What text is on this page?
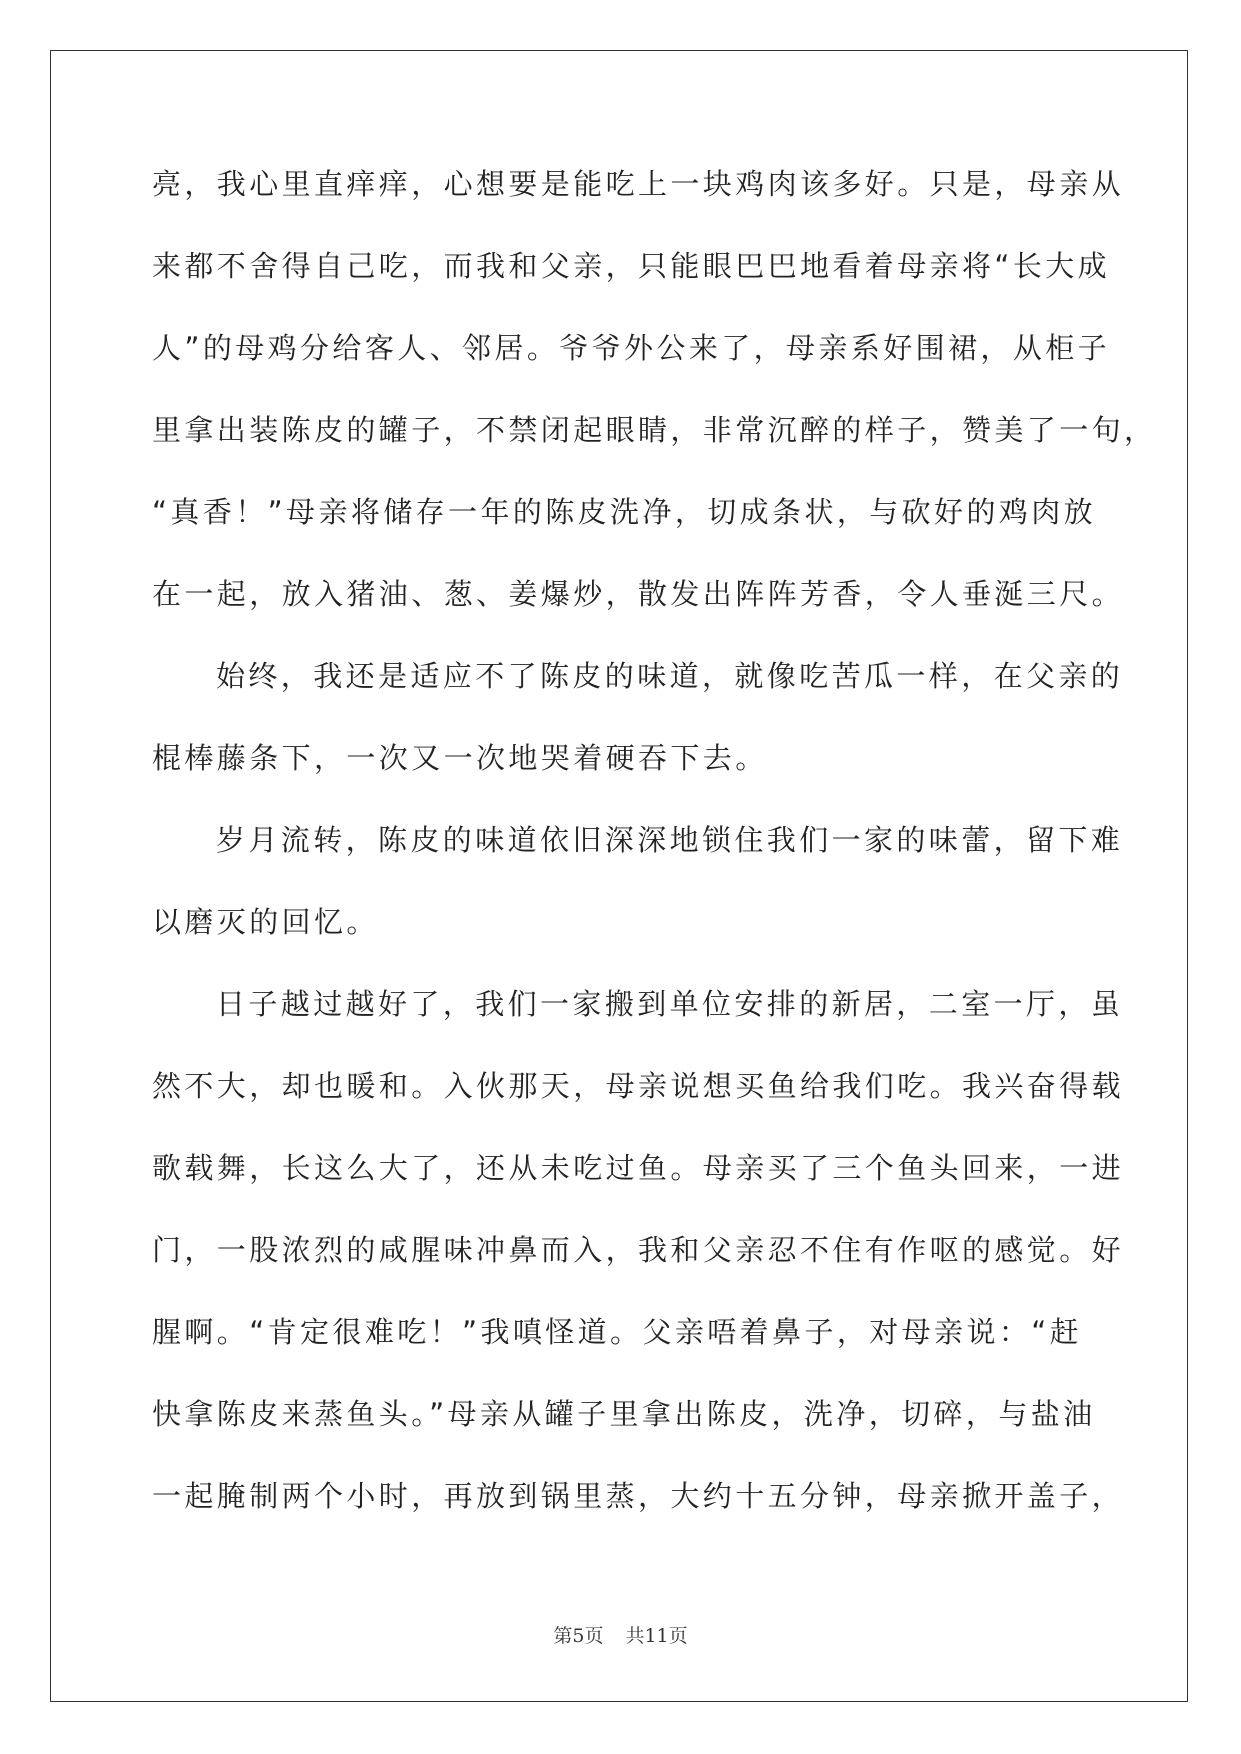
亮，我心里直痒痒，心想要是能吃上一块鸡肉该多好。只是，母亲从
来都不舍得自己吃，而我和父亲，只能眼巴巴地看着母亲将“长大成
人”的母鸡分给客人、邻居。爷爷外公来了，母亲系好围裙，从柜子
里拿出装陈皮的罐子，不禁闭起眼睛，非常沉醉的样子，赞美了一句，
“真香！”母亲将储存一年的陈皮洗净，切成条状，与砍好的鸡肉放
在一起，放入猪油、葱、姜爆炒，散发出阵阵芳香，令人垂涎三尺。
始终，我还是适应不了陈皮的味道，就像吃苦瓜一样，在父亲的
棍棒藤条下，一次又一次地哭着硬吞下去。
岁月流转，陈皮的味道依旧深深地锁住我们一家的味蕾，留下难
以磨灭的回忆。
日子越过越好了，我们一家搬到单位安排的新居，二室一厅，虽
然不大，却也暖和。入伙那天，母亲说想买鱼给我们吃。我兴奋得载
歌载舞，长这么大了，还从未吃过鱼。母亲买了三个鱼头回来，一进
门，一股浓烈的咸腥味冲鼻而入，我和父亲忍不住有作呕的感觉。好
腥啊。“肯定很难吃！”我嗔怪道。父亲唔着鼻子，对母亲说：“赶
快拿陈皮来蒸鱼头。”母亲从罐子里拿出陈皮，洗净，切碎，与盐油
一起腌制两个小时，再放到锅里蒸，大约十五分钟，母亲掀开盖子，
第5页 共11页
